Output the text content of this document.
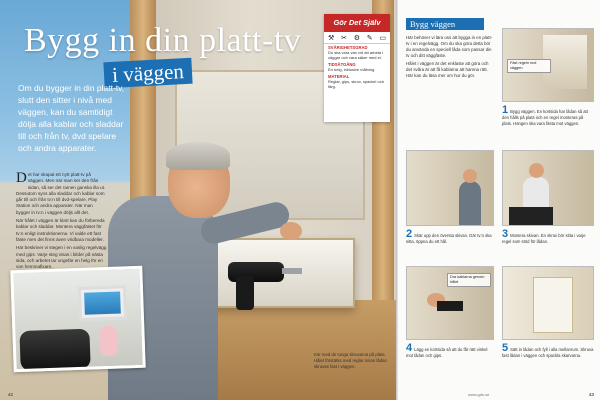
Bygg in din platt-tv
i väggen
Om du bygger in din platt-tv, slutt den sitter i nivå med väggen, kan du samtidigt dölja alla kablar och sladdar till och från tv, dvd spelare och andra apparater.

Det har skapat ett nytt platt-tv på väggen. Men när man ser den från sidan, så ser det ramen ganska illa ut. Dessutom syns alla sladdar och kablar som går till och från tv:n till dvd-spelare, Play Station och andra apparater. När man bygger in tv:n i väggen döljs allt det.

När hålet i väggen är klart kan du förbereda kablar och sladdar. Montera väggfästet för tv:n enligt instruktionerna. Vi valde ett fast fäste men det finns även vridbara modeller.

Här beskriver vi stegen i en vanlig regelvägg med gips. Varje steg visas i bilder på nästa sida, och arbetet tar ungefär en helg för en van hemmafixare.

Kör med de tunga skruvarna på plats. Hålet förstärks med reglar innan lådan skruvas fast i väggen.
Gör Det Själv
⚒ ✂ ⚙ ✎ ▭
SVÅRIGHETSGRAD
Du ska vara van vid att arbeta i väggar och vara säker med el.
TIDSÅTGÅNG
En helg, inklusive målning.
MATERIAL
Reglar, gips, skruv, spackel och färg.
42	Gör Det Själv · 2/10
Bygg väggen

Här behöver vi lära oss att bygga in en platt-tv i en regelvägg. Om du ska göra detta bör du använda en speciell låda som passar din tv och ditt väggfäste.

Hålet i väggen är det enklaste att göra och det svåra är att få kablarna att hamna rätt. Här kan du läsa mer om hur du gör.

Fäst regeln mot väggen
1 Bygg väggen. En kortsida har lådan så att den hålls på plats och en regel monteras på plats. Hängen ska vara fästa mot väggen.
2 Skär upp den översta skivan. Där tv:n ska sitta, öppna du ett hål.
3 Montera skivan. En skruv bör sitta i varje regel som stöd för lådan.
Dra kablarna genom hålet
4 Lägg en kortsida så att du får rätt vinkel mot lådan och gips.
5 Sätt in lådan och fyll i alla mellanrum. Skruva fast lådan i väggen och spackla skarvarna.
www.gds.se	43
